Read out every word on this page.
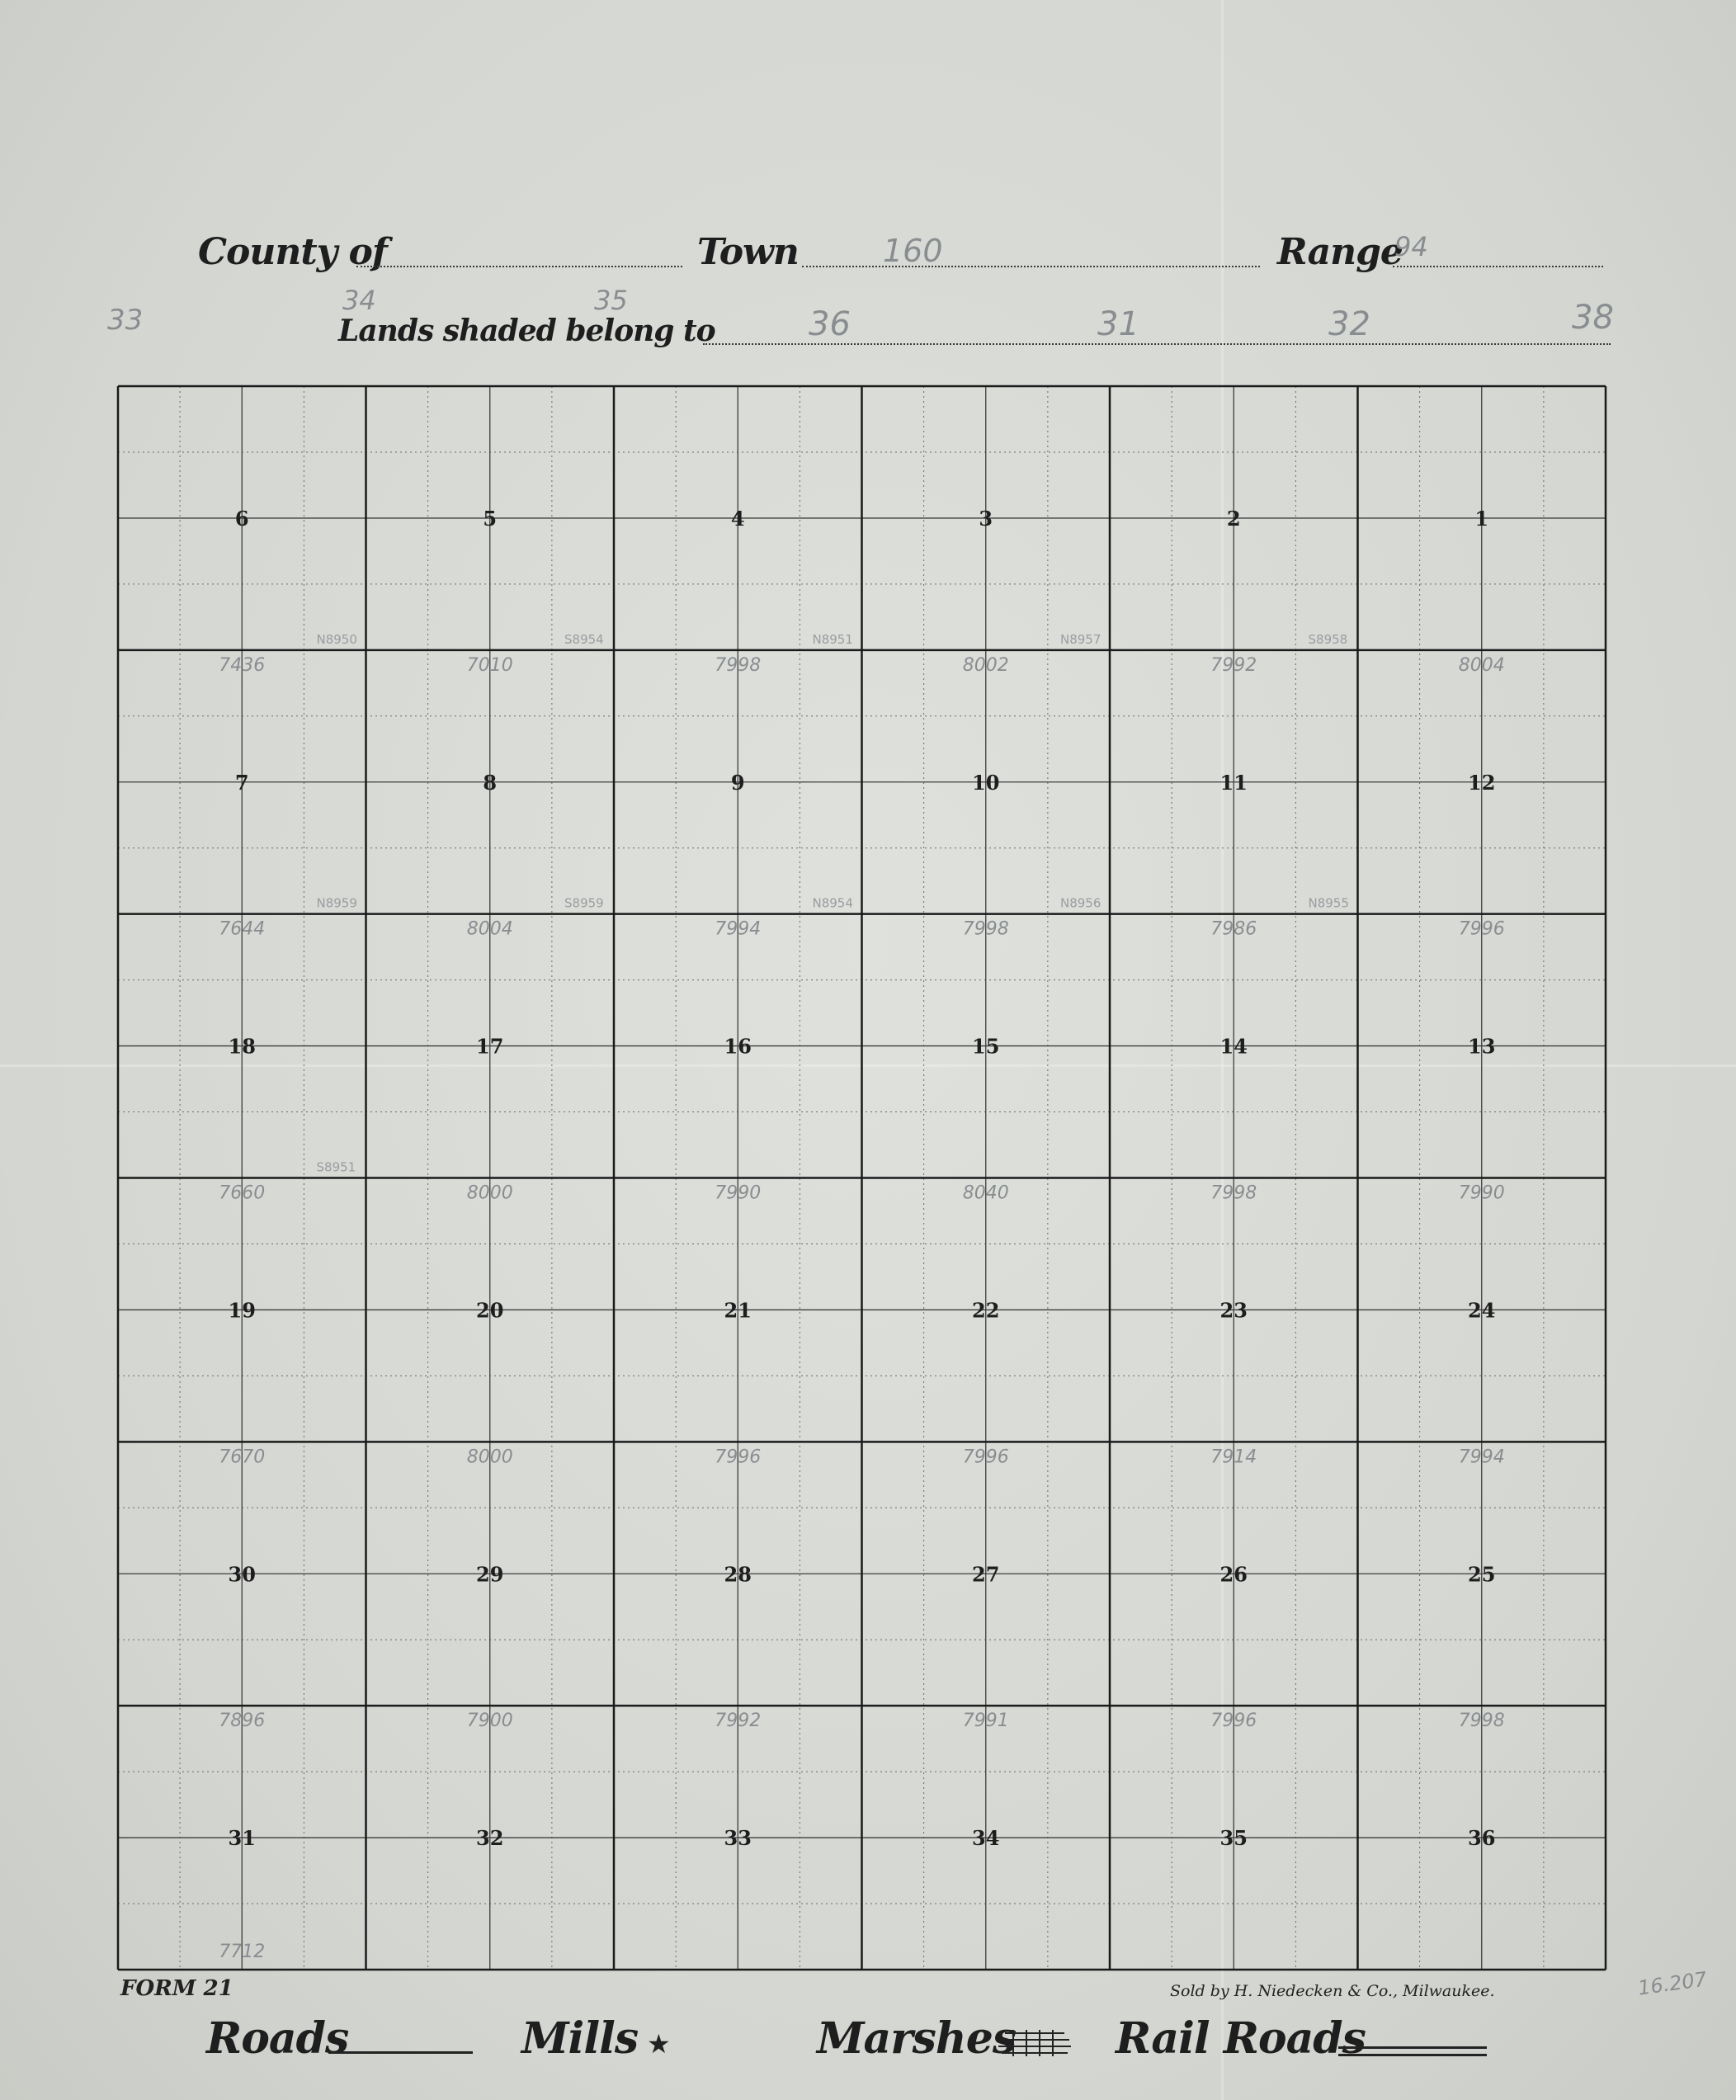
County of	Town	160	Range
94
Lands shaded belong to
33
34	35
36	31	32	38
6	5	4	3	2	1
7	8	9	10	11	12
18	17	16	15	14	13
19	20	21	22	23	24
30	29	28	27	26	25
31	32	33	34	35	36
7436	7010	7998	8002	7992	8004
7644	8004	7994	7998	7986	7996
7660	8000	7990	8040	7998	7990
7670	8000	7996	7996	7914	7994
7896	7900	7992	7991	7996	7998
7712
N8950	S8954	N8951	N8957	S8958
N8959	S8959	N8954	N8956	N8955
S8951
FORM 21	Sold by H. Niedecken & Co., Milwaukee.
Roads	Mills ★	Marshes Rail Roads
16.207
